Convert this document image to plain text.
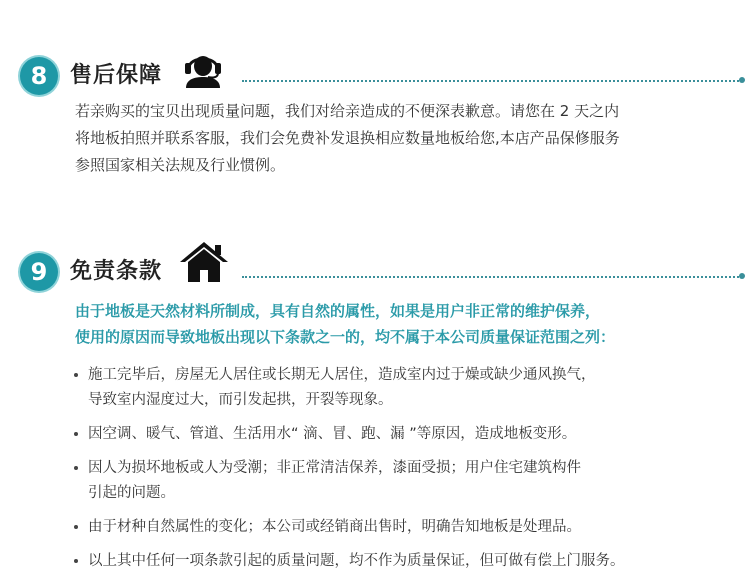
8	售后保障

若亲购买的宝贝出现质量问题，我们对给亲造成的不便深表歉意。请您在 2 天之内

将地板拍照并联系客服，我们会免费补发退换相应数量地板给您,本店产品保修服务

参照国家相关法规及行业惯例。

9	免责条款

由于地板是天然材料所制成，具有自然的属性，如果是用户非正常的维护保养，

使用的原因而导致地板出现以下条款之一的，均不属于本公司质量保证范围之列：

施工完毕后，房屋无人居住或长期无人居住，造成室内过于燥或缺少通风换气，

导致室内湿度过大，而引发起拱，开裂等现象。

因空调、暖气、管道、生活用水“ 滴、冒、跑、漏 ”等原因，造成地板变形。

因人为损坏地板或人为受潮；非正常清洁保养，漆面受损；用户住宅建筑构件

引起的问题。

由于材种自然属性的变化；本公司或经销商出售时，明确告知地板是处理品。

以上其中任何一项条款引起的质量问题，均不作为质量保证，但可做有偿上门服务。
